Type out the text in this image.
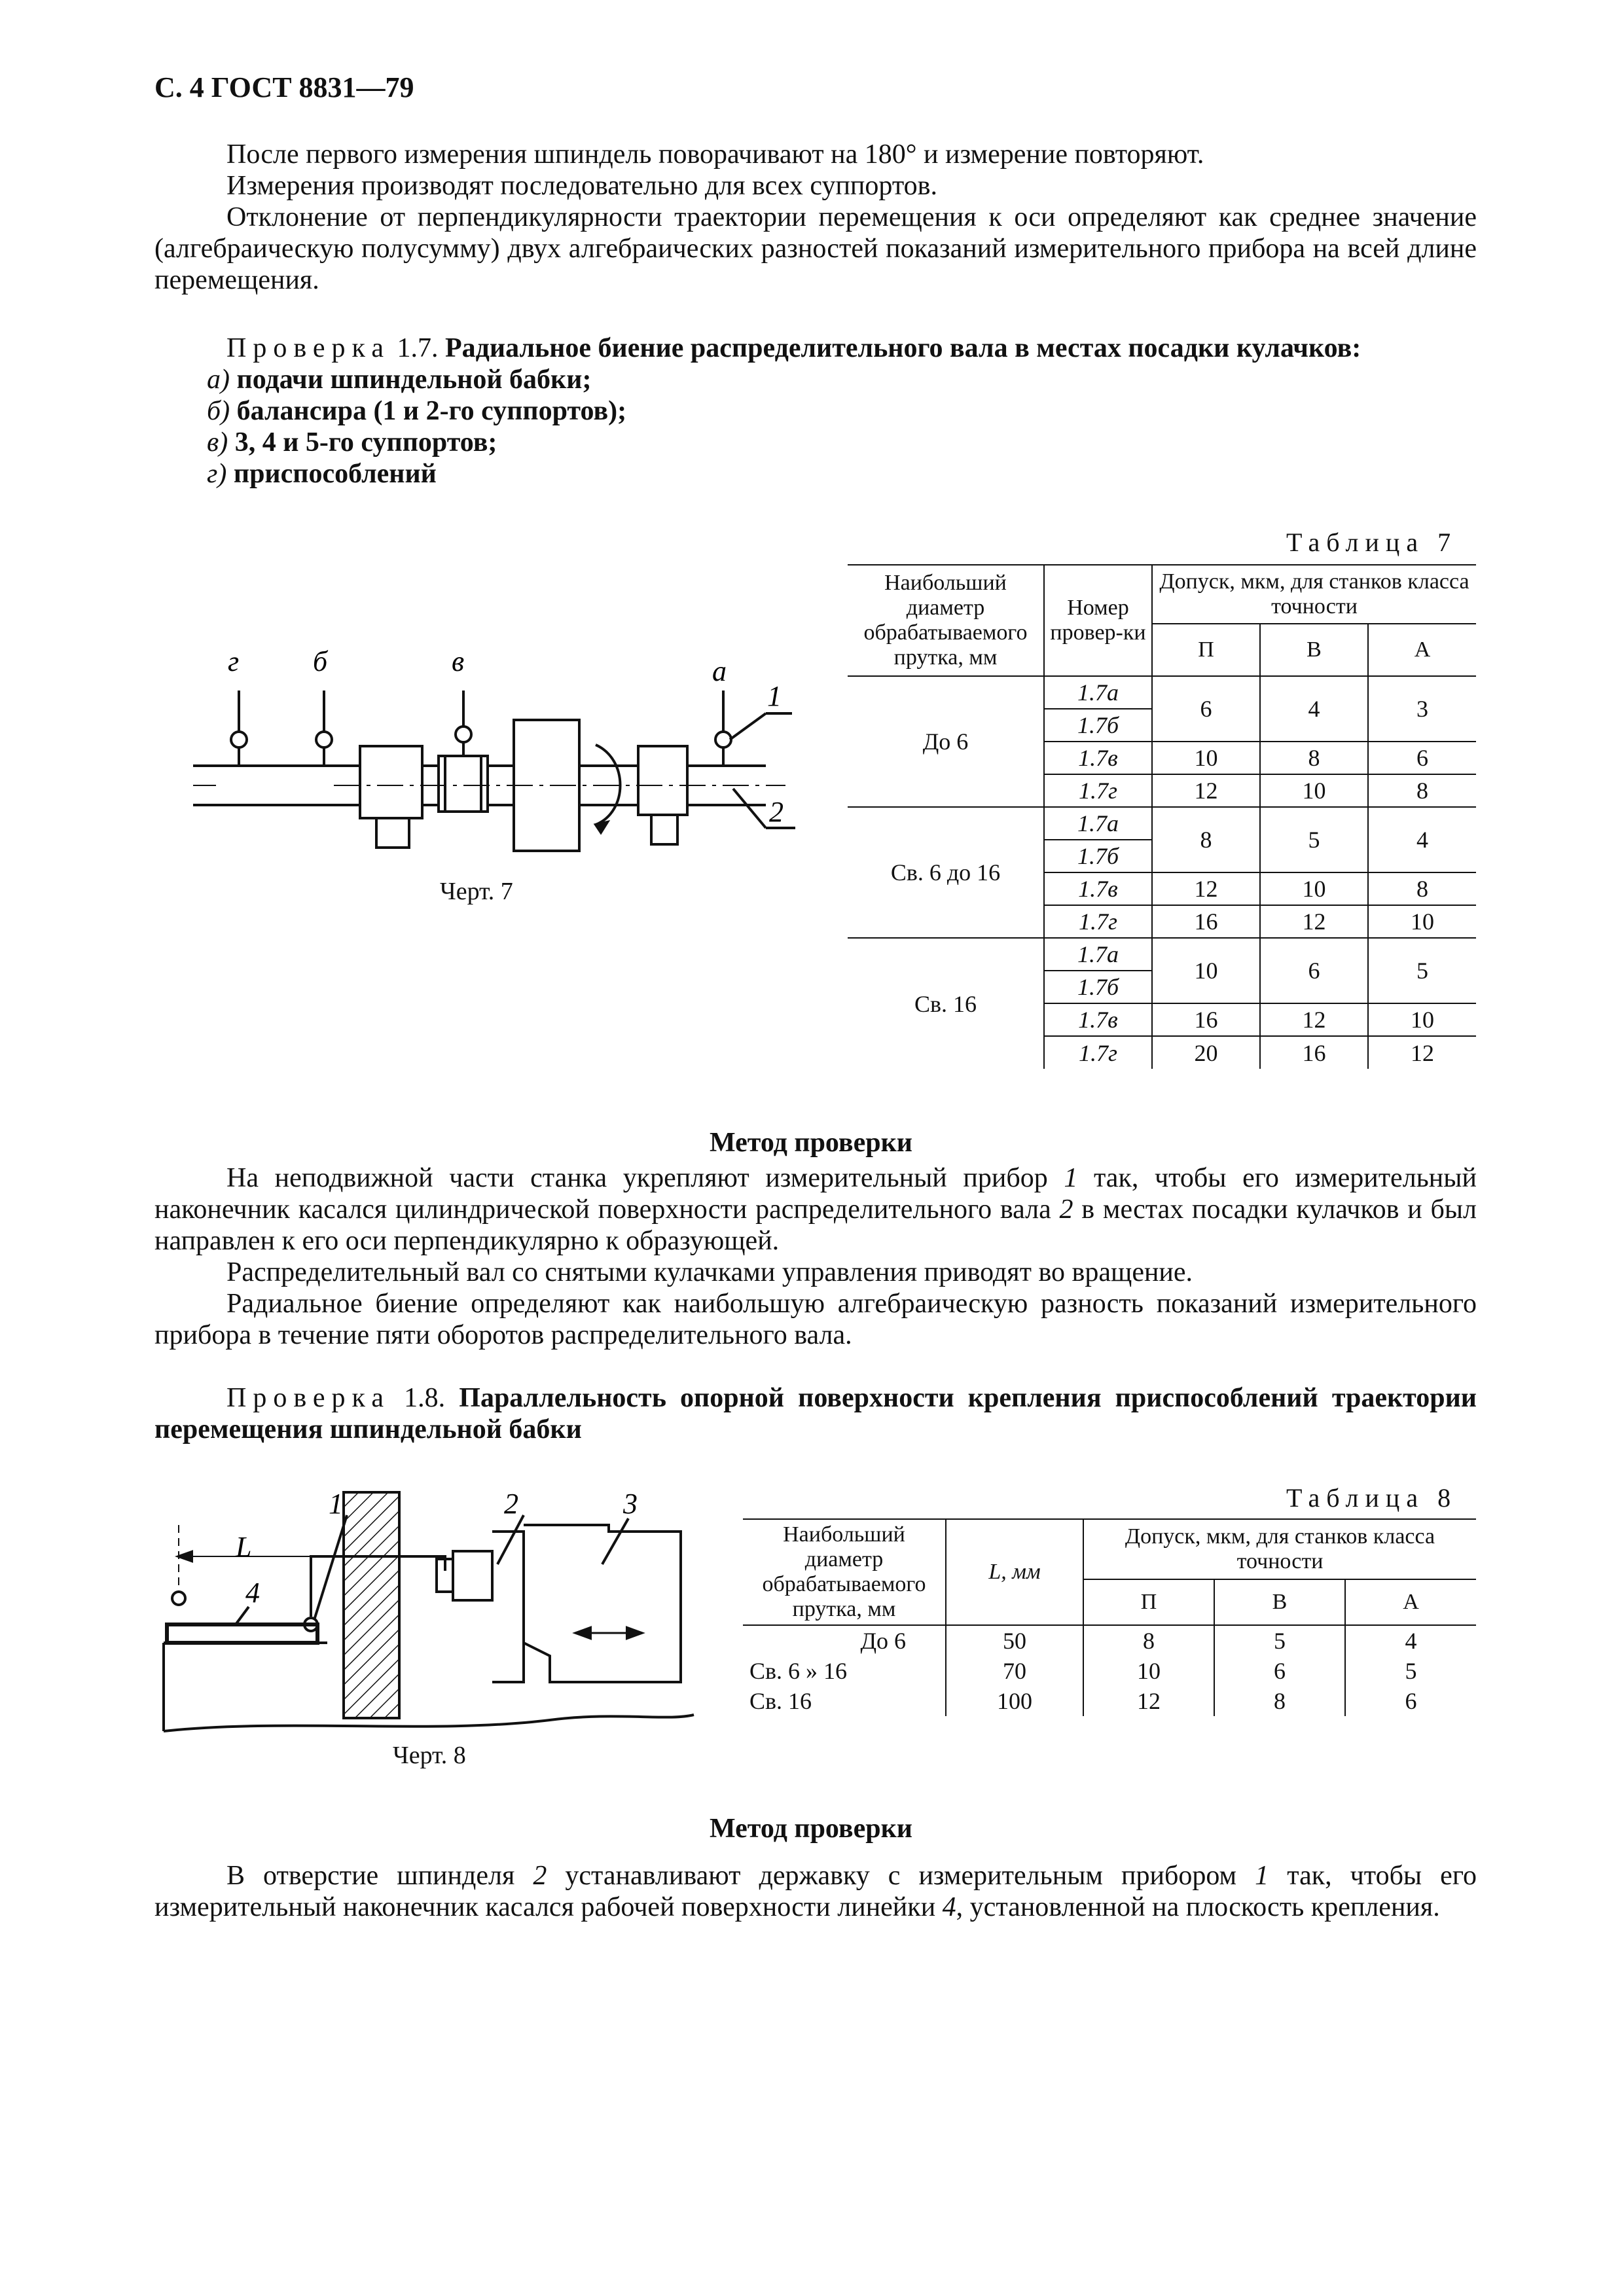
С. 4 ГОСТ 8831—79

После первого измерения шпиндель поворачивают на 180° и измерение повторяют.

Измерения производят последовательно для всех суппортов.

Отклонение от перпендикулярности траектории перемещения к оси определяют как среднее значение (алгебраическую полусумму) двух алгебраических разностей показаний измерительного прибора на всей длине перемещения.

Проверка 1.7. Радиальное биение распределительного вала в местах посадки кулачков:

а) подачи шпиндельной бабки;

б) балансира (1 и 2-го суппортов);

в) 3, 4 и 5-го суппортов;

г) приспособлений

г	б	в	а
1
2
Черт. 7
Таблица 7
Наибольший диаметр обрабатываемого прутка, мм	Номер провер-ки	Допуск, мкм, для станков класса точности		
		П	В	А
До 6	1.7а	6	4	3
	1.7б			
	1.7в	10	8	6
	1.7г	12	10	8
Св. 6 до 16	1.7а	8	5	4
	1.7б			
	1.7в	12	10	8
	1.7г	16	12	10
Св. 16	1.7а	10	6	5
	1.7б			
	1.7в	16	12	10
	1.7г	20	16	12
Метод проверки

На неподвижной части станка укрепляют измерительный прибор 1 так, чтобы его измерительный наконечник касался цилиндрической поверхности распределительного вала 2 в местах посадки кулачков и был направлен к его оси перпендикулярно к образующей.

Распределительный вал со снятыми кулачками управления приводят во вращение.

Радиальное биение определяют как наибольшую алгебраическую разность показаний измерительного прибора в течение пяти оборотов распределительного вала.

Проверка 1.8. Параллельность опорной поверхности крепления приспособлений траектории перемещения шпиндельной бабки

L
1	2	3
4
Черт. 8
Таблица 8
Наибольший диаметр обрабатываемого прутка, мм	L, мм	Допуск, мкм, для станков класса точности		
		П	В	А
До 6	50	8	5	4
Св. 6 » 16	70	10	6	5
Св. 16	100	12	8	6
Метод проверки

В отверстие шпинделя 2 устанавливают державку с измерительным прибором 1 так, чтобы его измерительный наконечник касался рабочей поверхности линейки 4, установленной на плоскость крепления.
